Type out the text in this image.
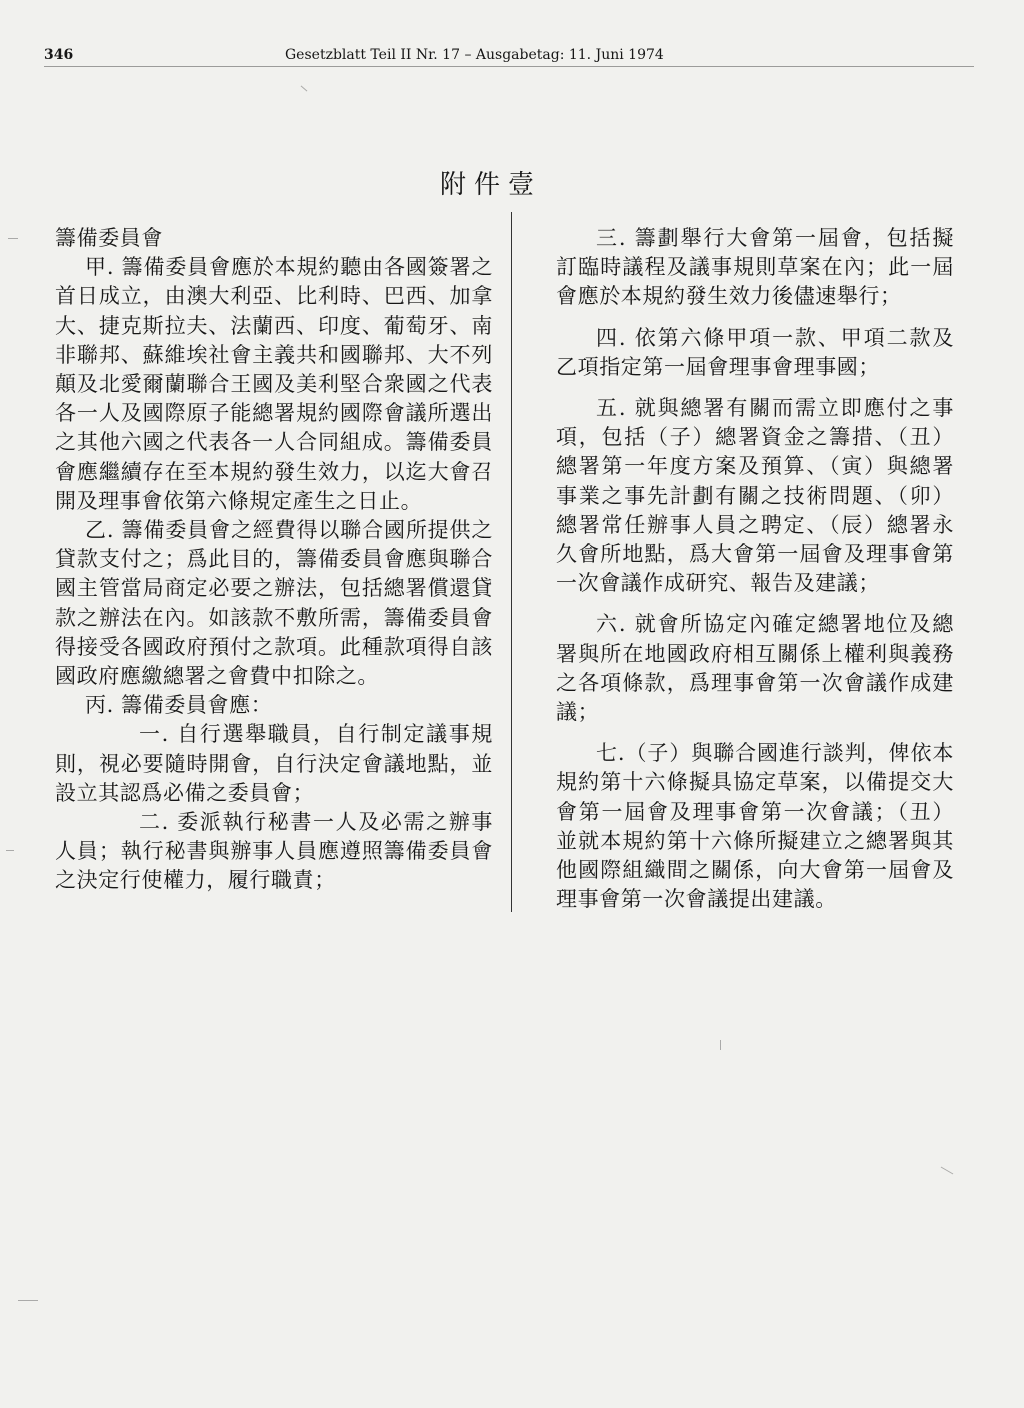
346	Gesetzblatt Teil II Nr. 17 – Ausgabetag: 11. Juni 1974
附件壹

籌備委員會

甲. 籌備委員會應於本規約聽由各國簽署之首日成立，由澳大利亞、比利時、巴西、加拿大、捷克斯拉夫、法蘭西、印度、葡萄牙、南非聯邦、蘇維埃社會主義共和國聯邦、大不列顛及北愛爾蘭聯合王國及美利堅合衆國之代表各一人及國際原子能總署規約國際會議所選出之其他六國之代表各一人合同組成。籌備委員會應繼續存在至本規約發生效力，以迄大會召開及理事會依第六條規定產生之日止。

乙. 籌備委員會之經費得以聯合國所提供之貸款支付之；爲此目的，籌備委員會應與聯合國主管當局商定必要之辦法，包括總署償還貸款之辦法在內。如該款不敷所需，籌備委員會得接受各國政府預付之款項。此種款項得自該國政府應繳總署之會費中扣除之。

丙. 籌備委員會應：

一. 自行選舉職員，自行制定議事規則，視必要隨時開會，自行決定會議地點，並設立其認爲必備之委員會；

二. 委派執行秘書一人及必需之辦事人員；執行秘書與辦事人員應遵照籌備委員會之決定行使權力，履行職責；

三. 籌劃舉行大會第一屆會，包括擬訂臨時議程及議事規則草案在內；此一屆會應於本規約發生效力後儘速舉行；

四. 依第六條甲項一款、甲項二款及乙項指定第一屆會理事會理事國；

五. 就與總署有關而需立即應付之事項，包括（子）總署資金之籌措、（丑）總署第一年度方案及預算、（寅）與總署事業之事先計劃有關之技術問題、（卯）總署常任辦事人員之聘定、（辰）總署永久會所地點，爲大會第一屆會及理事會第一次會議作成研究、報告及建議；

六. 就會所協定內確定總署地位及總署與所在地國政府相互關係上權利與義務之各項條款，爲理事會第一次會議作成建議；

七.（子）與聯合國進行談判，俾依本規約第十六條擬具協定草案，以備提交大會第一屆會及理事會第一次會議；（丑）並就本規約第十六條所擬建立之總署與其他國際組織間之關係，向大會第一屆會及理事會第一次會議提出建議。
